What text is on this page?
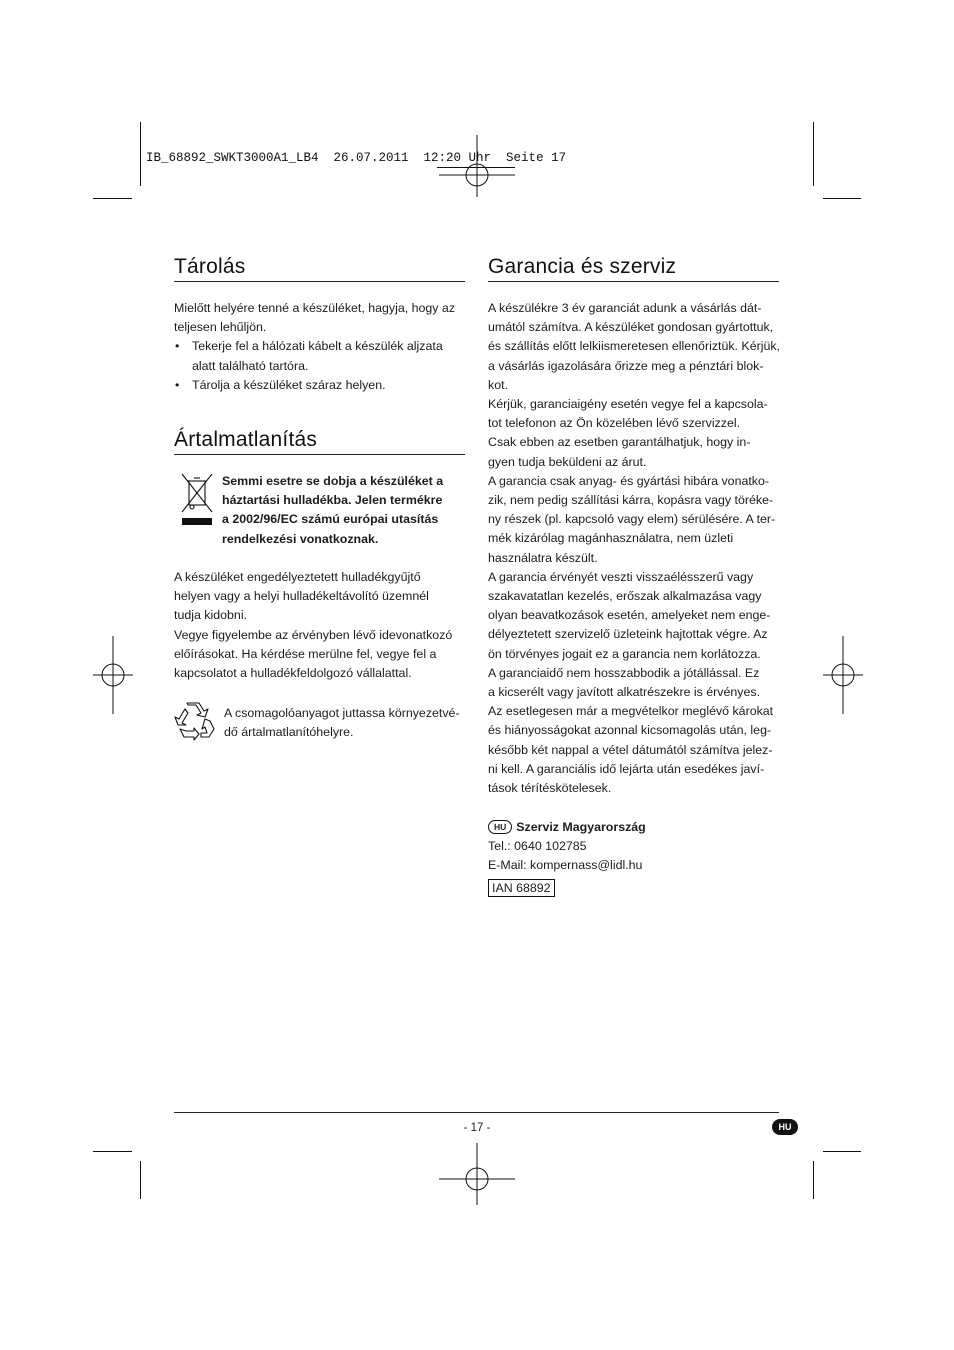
IB_68892_SWKT3000A1_LB4  26.07.2011  12:20 Uhr  Seite 17
Tárolás

Mielőtt helyére tenné a készüléket, hagyja, hogy az

teljesen lehűljön.

• Tekerje fel a hálózati kábelt a készülék aljzata
alatt található tartóra.
• Tárolja a készüléket száraz helyen.
Ártalmatlanítás

Semmi esetre se dobja a készüléket a

háztartási hulladékba. Jelen termékre

a 2002/96/EC számú európai utasítás

rendelkezési vonatkoznak.

A készüléket engedélyeztetett hulladékgyűjtő

helyen vagy a helyi hulladékeltávolító üzemnél

tudja kidobni.

Vegye figyelembe az érvényben lévő idevonatkozó

előírásokat. Ha kérdése merülne fel, vegye fel a

kapcsolatot a hulladékfeldolgozó vállalattal.

A csomagolóanyagot juttassa környezetvé-

dő ártalmatlanítóhelyre.

Garancia és szerviz

A készülékre 3 év garanciát adunk a vásárlás dát-

umától számítva. A készüléket gondosan gyártottuk,

és szállítás előtt lelkiismeretesen ellenőriztük. Kérjük,

a vásárlás igazolására őrizze meg a pénztári blok-

kot.

Kérjük, garanciaigény esetén vegye fel a kapcsola-

tot telefonon az Ön közelében lévő szervizzel.

Csak ebben az esetben garantálhatjuk, hogy in-

gyen tudja beküldeni az árut.

A garancia csak anyag- és gyártási hibára vonatko-

zik, nem pedig szállítási kárra, kopásra vagy töréke-

ny részek (pl. kapcsoló vagy elem) sérülésére. A ter-

mék kizárólag magánhasználatra, nem üzleti

használatra készült.

A garancia érvényét veszti visszaélésszerű vagy

szakavatatlan kezelés, erőszak alkalmazása vagy

olyan beavatkozások esetén, amelyeket nem enge-

délyeztetett szervizelő üzleteink hajtottak végre. Az

ön törvényes jogait ez a garancia nem korlátozza.

A garanciaidő nem hosszabbodik a jótállással. Ez

a kicserélt vagy javított alkatrészekre is érvényes.

Az esetlegesen már a megvételkor meglévő károkat

és hiányosságokat azonnal kicsomagolás után, leg-

később két nappal a vétel dátumától számítva jelez-

ni kell. A garanciális idő lejárta után esedékes javí-

tások térítéskötelesek.

HU Szerviz Magyarország

Tel.: 0640 102785

E-Mail: kompernass@lidl.hu

IAN 68892

- 17 -	HU
